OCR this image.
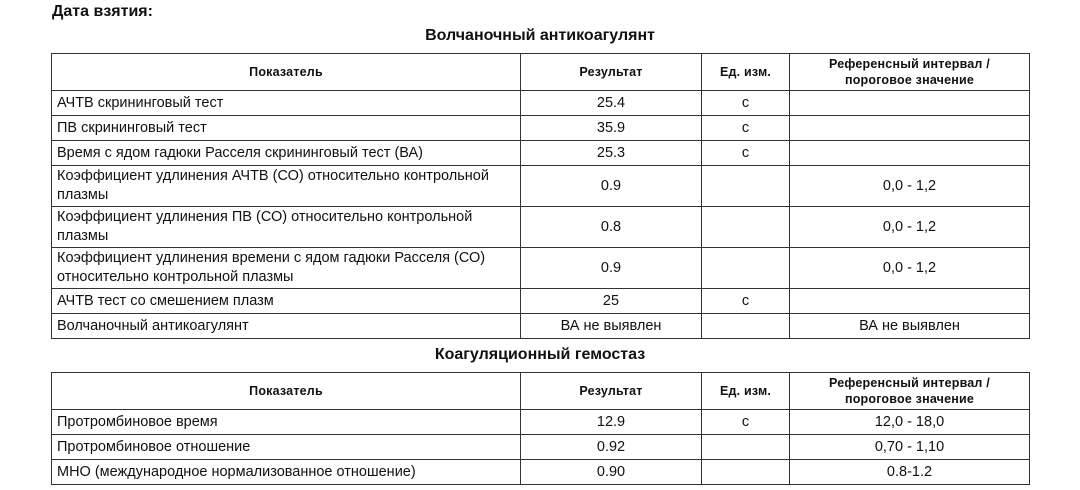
Дата взятия:
Волчаночный антикоагулянт
Показатель	Результат	Ед. изм.	Референсный интервал / пороговое значение
АЧТВ скрининговый тест	25.4	с	
ПВ скрининговый тест	35.9	с	
Время с ядом гадюки Расселя скрининговый тест (ВА)	25.3	с	
Коэффициент удлинения АЧТВ (СО) относительно контрольной плазмы	0.9		0,0 - 1,2
Коэффициент удлинения ПВ (СО) относительно контрольной плазмы	0.8		0,0 - 1,2
Коэффициент удлинения времени с ядом гадюки Расселя (СО) относительно контрольной плазмы	0.9		0,0 - 1,2
АЧТВ тест со смешением плазм	25	с	
Волчаночный антикоагулянт	ВА не выявлен		ВА не выявлен
Коагуляционный гемостаз
Показатель	Результат	Ед. изм.	Референсный интервал / пороговое значение
Протромбиновое время	12.9	с	12,0 - 18,0
Протромбиновое отношение	0.92		0,70 - 1,10
МНО (международное нормализованное отношение)	0.90		0.8-1.2
